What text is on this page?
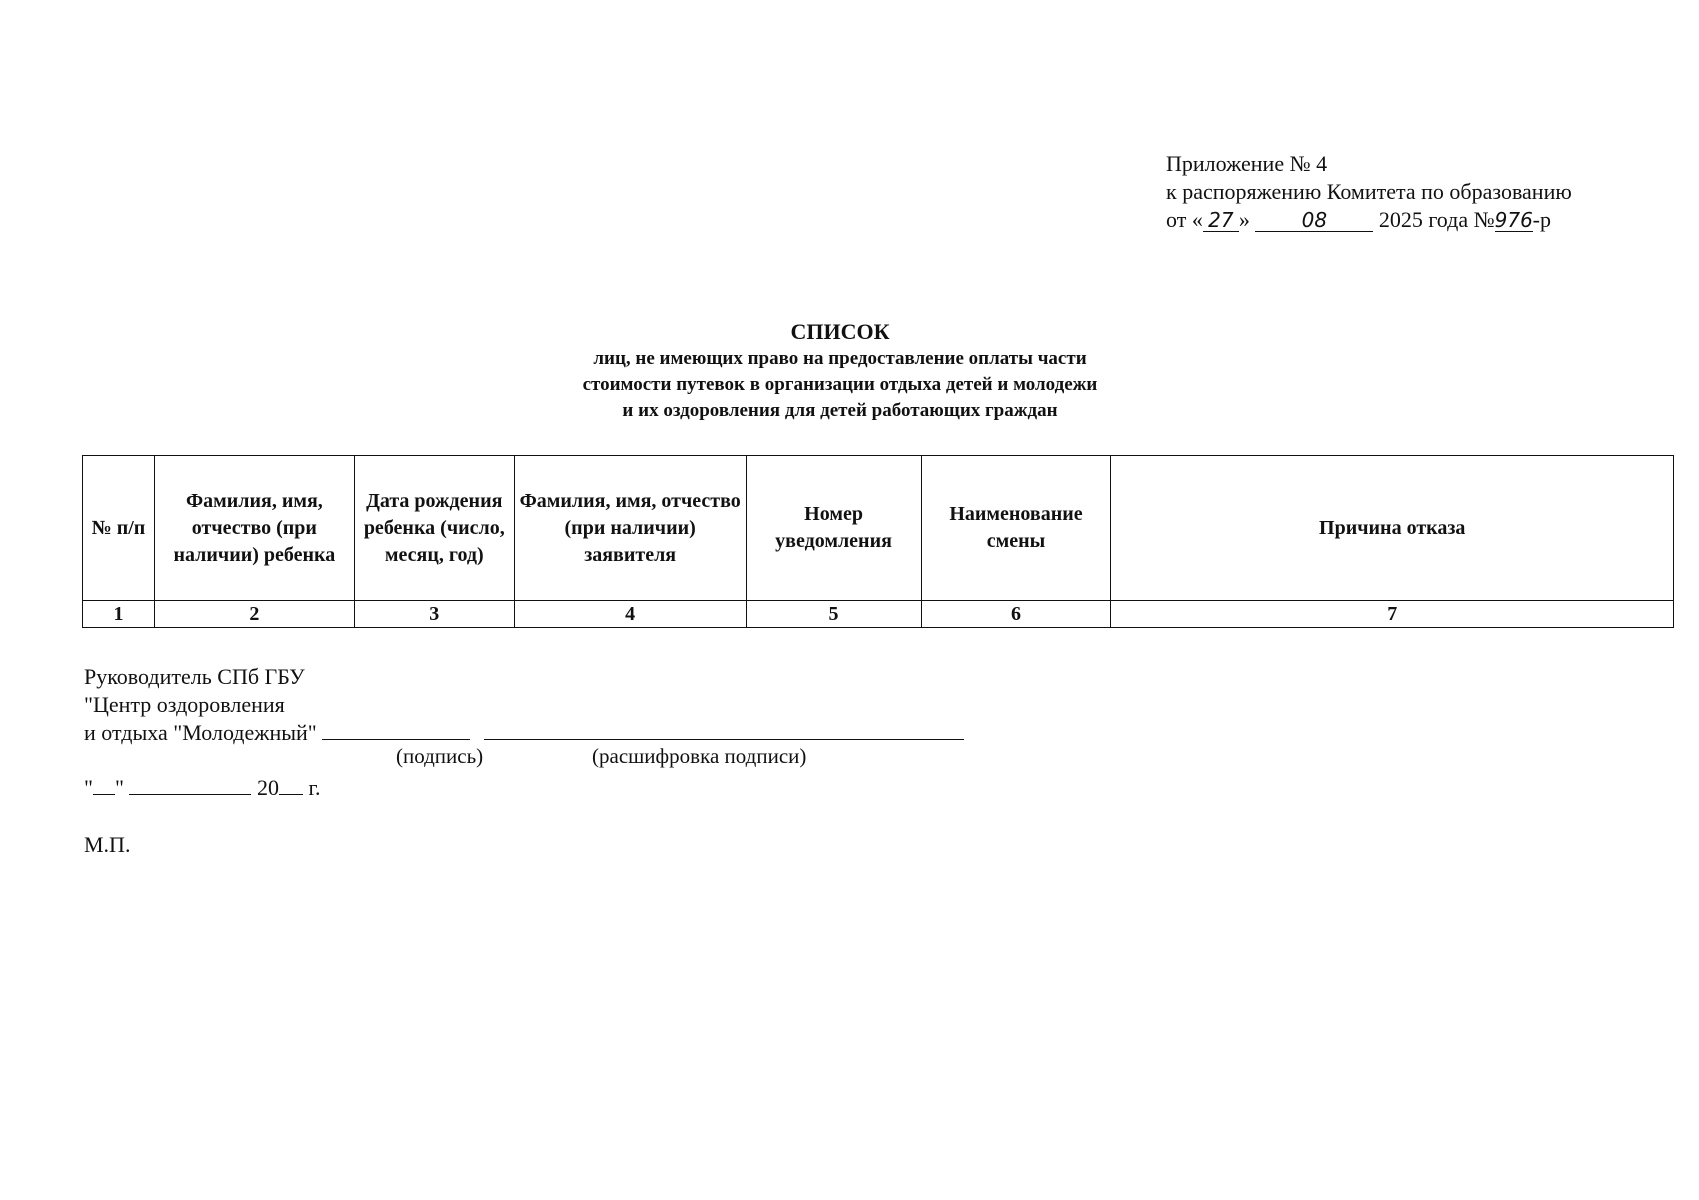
Приложение № 4
к распоряжению Комитета по образованию
от « 27 »	08 2025 года №976-р
СПИСОК
лиц, не имеющих право на предоставление оплаты части
стоимости путевок в организации отдыха детей и молодежи
и их оздоровления для детей работающих граждан
№ п/п	Фамилия, имя, отчество (при наличии) ребенка	Дата рождения ребенка (число, месяц, год)	Фамилия, имя, отчество (при наличии) заявителя	Номер уведомления	Наименование смены	Причина отказа
1	2	3	4	5	6	7
Руководитель СПб ГБУ
"Центр оздоровления
и отдыха "Молодежный"
(подпись)	(расшифровка подписи)
" "	20 г.
М.П.
